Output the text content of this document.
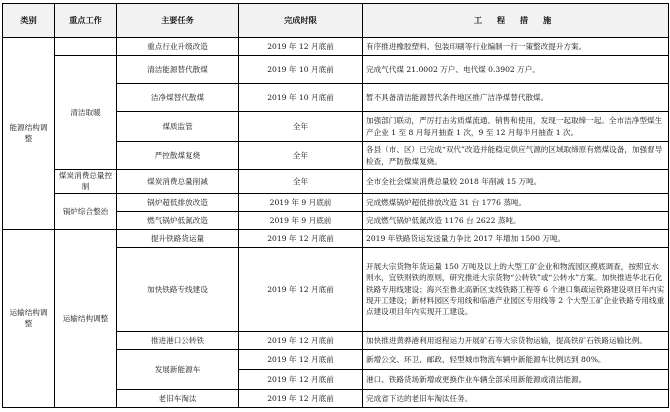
类别	重点工作	主要任务	完成时限	工 程 措 施
能源结构调整		重点行业升级改造	2019 年 12 月底前	有序推进橡胶塑料、包装印刷等行业编制一行一策整改提升方案。
	清洁取暖	清洁能源替代散煤	2019 年 10 月底前	完成气代煤 21.0002 万户、电代煤 0.3902 万户。
		洁净煤替代散煤	2019 年 10 月底前	暂不具备清洁能源替代条件地区推广洁净煤替代散煤。
		煤质监管	全年	加强部门联动，严厉打击劣质煤流通、销售和使用，发现一起取缔一起。全市洁净型煤生产企业 1 至 8 月每月抽查 1 次，9 至 12 月每半月抽查 1 次。
		严控散煤复烧	全年	各县（市、区）已完成“双代”改造并能稳定供应气源的区域取缔原有燃煤设备，加强督导检查，严防散煤复烧。
	煤炭消费总量控制	煤炭消费总量削减	全年	全市全社会煤炭消费总量较 2018 年削减 15 万吨。
	锅炉综合整治	锅炉超低排放改造	2019 年 9 月底前	完成燃煤锅炉超低排放改造 31 台 1776 蒸吨。
		燃气锅炉低氮改造	2019 年 9 月底前	完成燃气锅炉低氮改造 1176 台 2622 蒸吨。
运输结构调整	运输结构调整	提升铁路货运量	2019 年 12 月底前	2019 年铁路货运发送量力争比 2017 年增加 1500 万吨。
		加快铁路专线建设	2019 年 12 月底前	开展大宗货物年货运量 150 万吨及以上的大型工矿企业和物流园区摸底调查，按照宜水则水，宜铁则铁的原则，研究推进大宗货物“公转铁”或“公转水”方案。加快推进华北石化铁路专用线建设；海兴至鲁北高新区支线铁路工程等 6 个港口集疏运铁路建设项目年内实现开工建设；新材料园区专用线和临港产业园区专用线等 2 个大型工矿企业铁路专用线重点建设项目年内实现开工建设。
		推进港口公转铁	2019 年 12 月底前	加快推进黄骅港利用返程运力开展矿石等大宗货物运输，提高铁矿石铁路运输比例。
		发展新能源车	2019 年 12 月底前	新增公交、环卫、邮政、轻型城市物流车辆中新能源车比例达到 80%。
			2019 年 12 月底前	港口、铁路货场新增或更换作业车辆全部采用新能源或清洁能源。
		老旧车淘汰	2019 年 12 月底前	完成省下达的老旧车淘汰任务。
